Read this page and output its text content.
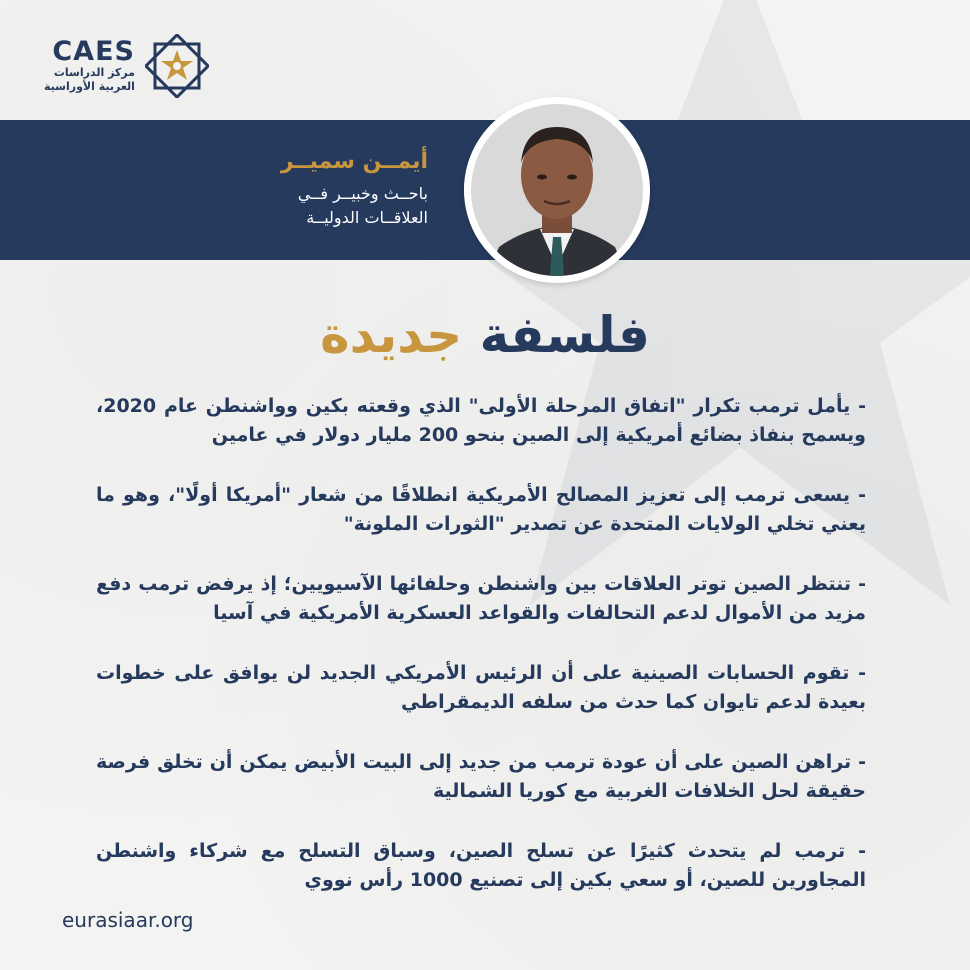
CAES
مركز الدراسات
العربية الأوراسية
أيمــن سميــر
باحــث وخبيــر فــي
العلاقــات الدوليــة
فلسفة جديدة

- يأمل ترمب تكرار "اتفاق المرحلة الأولى" الذي وقعته بكين وواشنطن عام 2020، ويسمح بنفاذ بضائع أمريكية إلى الصين بنحو 200 مليار دولار في عامين

- يسعى ترمب إلى تعزيز المصالح الأمريكية انطلاقًا من شعار "أمريكا أولًا"، وهو ما يعني تخلي الولايات المتحدة عن تصدير "الثورات الملونة"

- تنتظر الصين توتر العلاقات بين واشنطن وحلفائها الآسيويين؛ إذ يرفض ترمب دفع مزيد من الأموال لدعم التحالفات والقواعد العسكرية الأمريكية في آسيا

- تقوم الحسابات الصينية على أن الرئيس الأمريكي الجديد لن يوافق على خطوات بعيدة لدعم تايوان كما حدث من سلفه الديمقراطي

- تراهن الصين على أن عودة ترمب من جديد إلى البيت الأبيض يمكن أن تخلق فرصة حقيقة لحل الخلافات الغربية مع كوريا الشمالية

- ترمب لم يتحدث كثيرًا عن تسلح الصين، وسباق التسلح مع شركاء واشنطن المجاورين للصين، أو سعي بكين إلى تصنيع 1000 رأس نووي

eurasiaar.org
